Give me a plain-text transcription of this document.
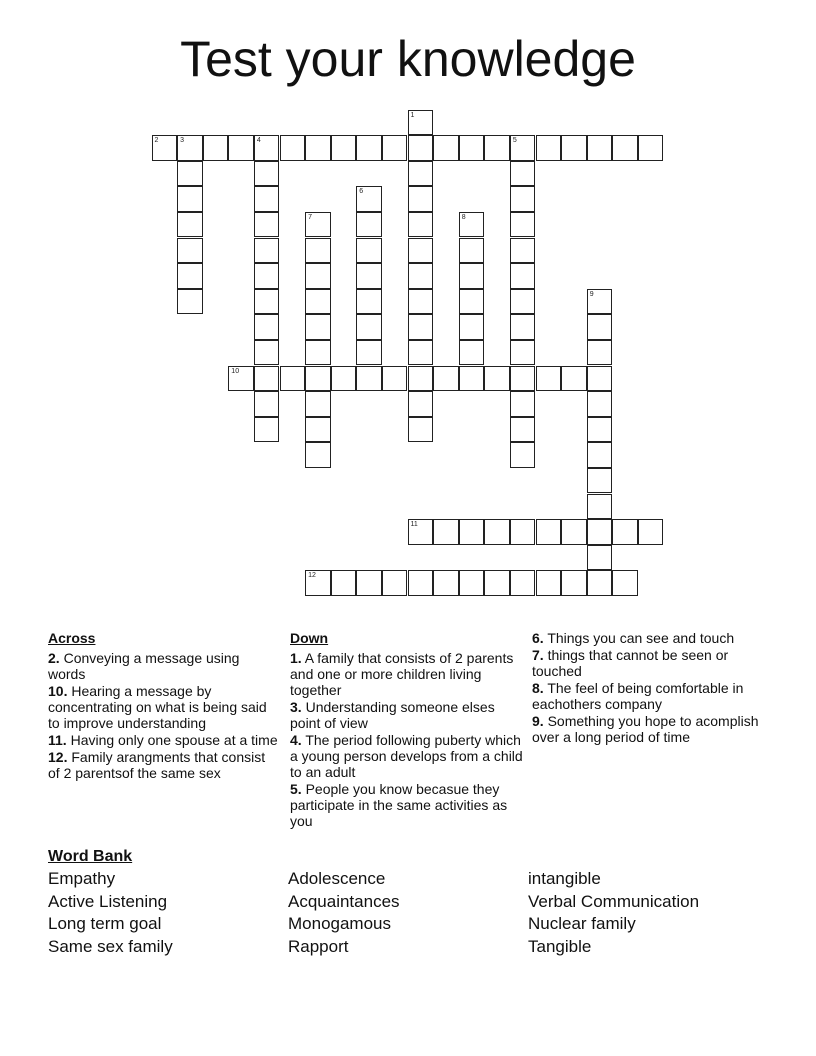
Test your knowledge
1
2	3	4	5
6
7	8
9
10
11
12
Across
2. Conveying a message using words
10. Hearing a message by concentrating on what is being said to improve understanding
11. Having only one spouse at a time
12. Family arangments that consist of 2 parentsof the same sex
Down
1. A family that consists of 2 parents and one or more children living together
3. Understanding someone elses point of view
4. The period following puberty which a young person develops from a child to an adult
5. People you know becasue they participate in the same activities as you
6. Things you can see and touch
7. things that cannot be seen or touched
8. The feel of being comfortable in eachothers company
9. Something you hope to acomplish over a long period of time
Word Bank
Empathy
Active Listening
Long term goal
Same sex family
Adolescence
Acquaintances
Monogamous
Rapport
intangible
Verbal Communication
Nuclear family
Tangible
